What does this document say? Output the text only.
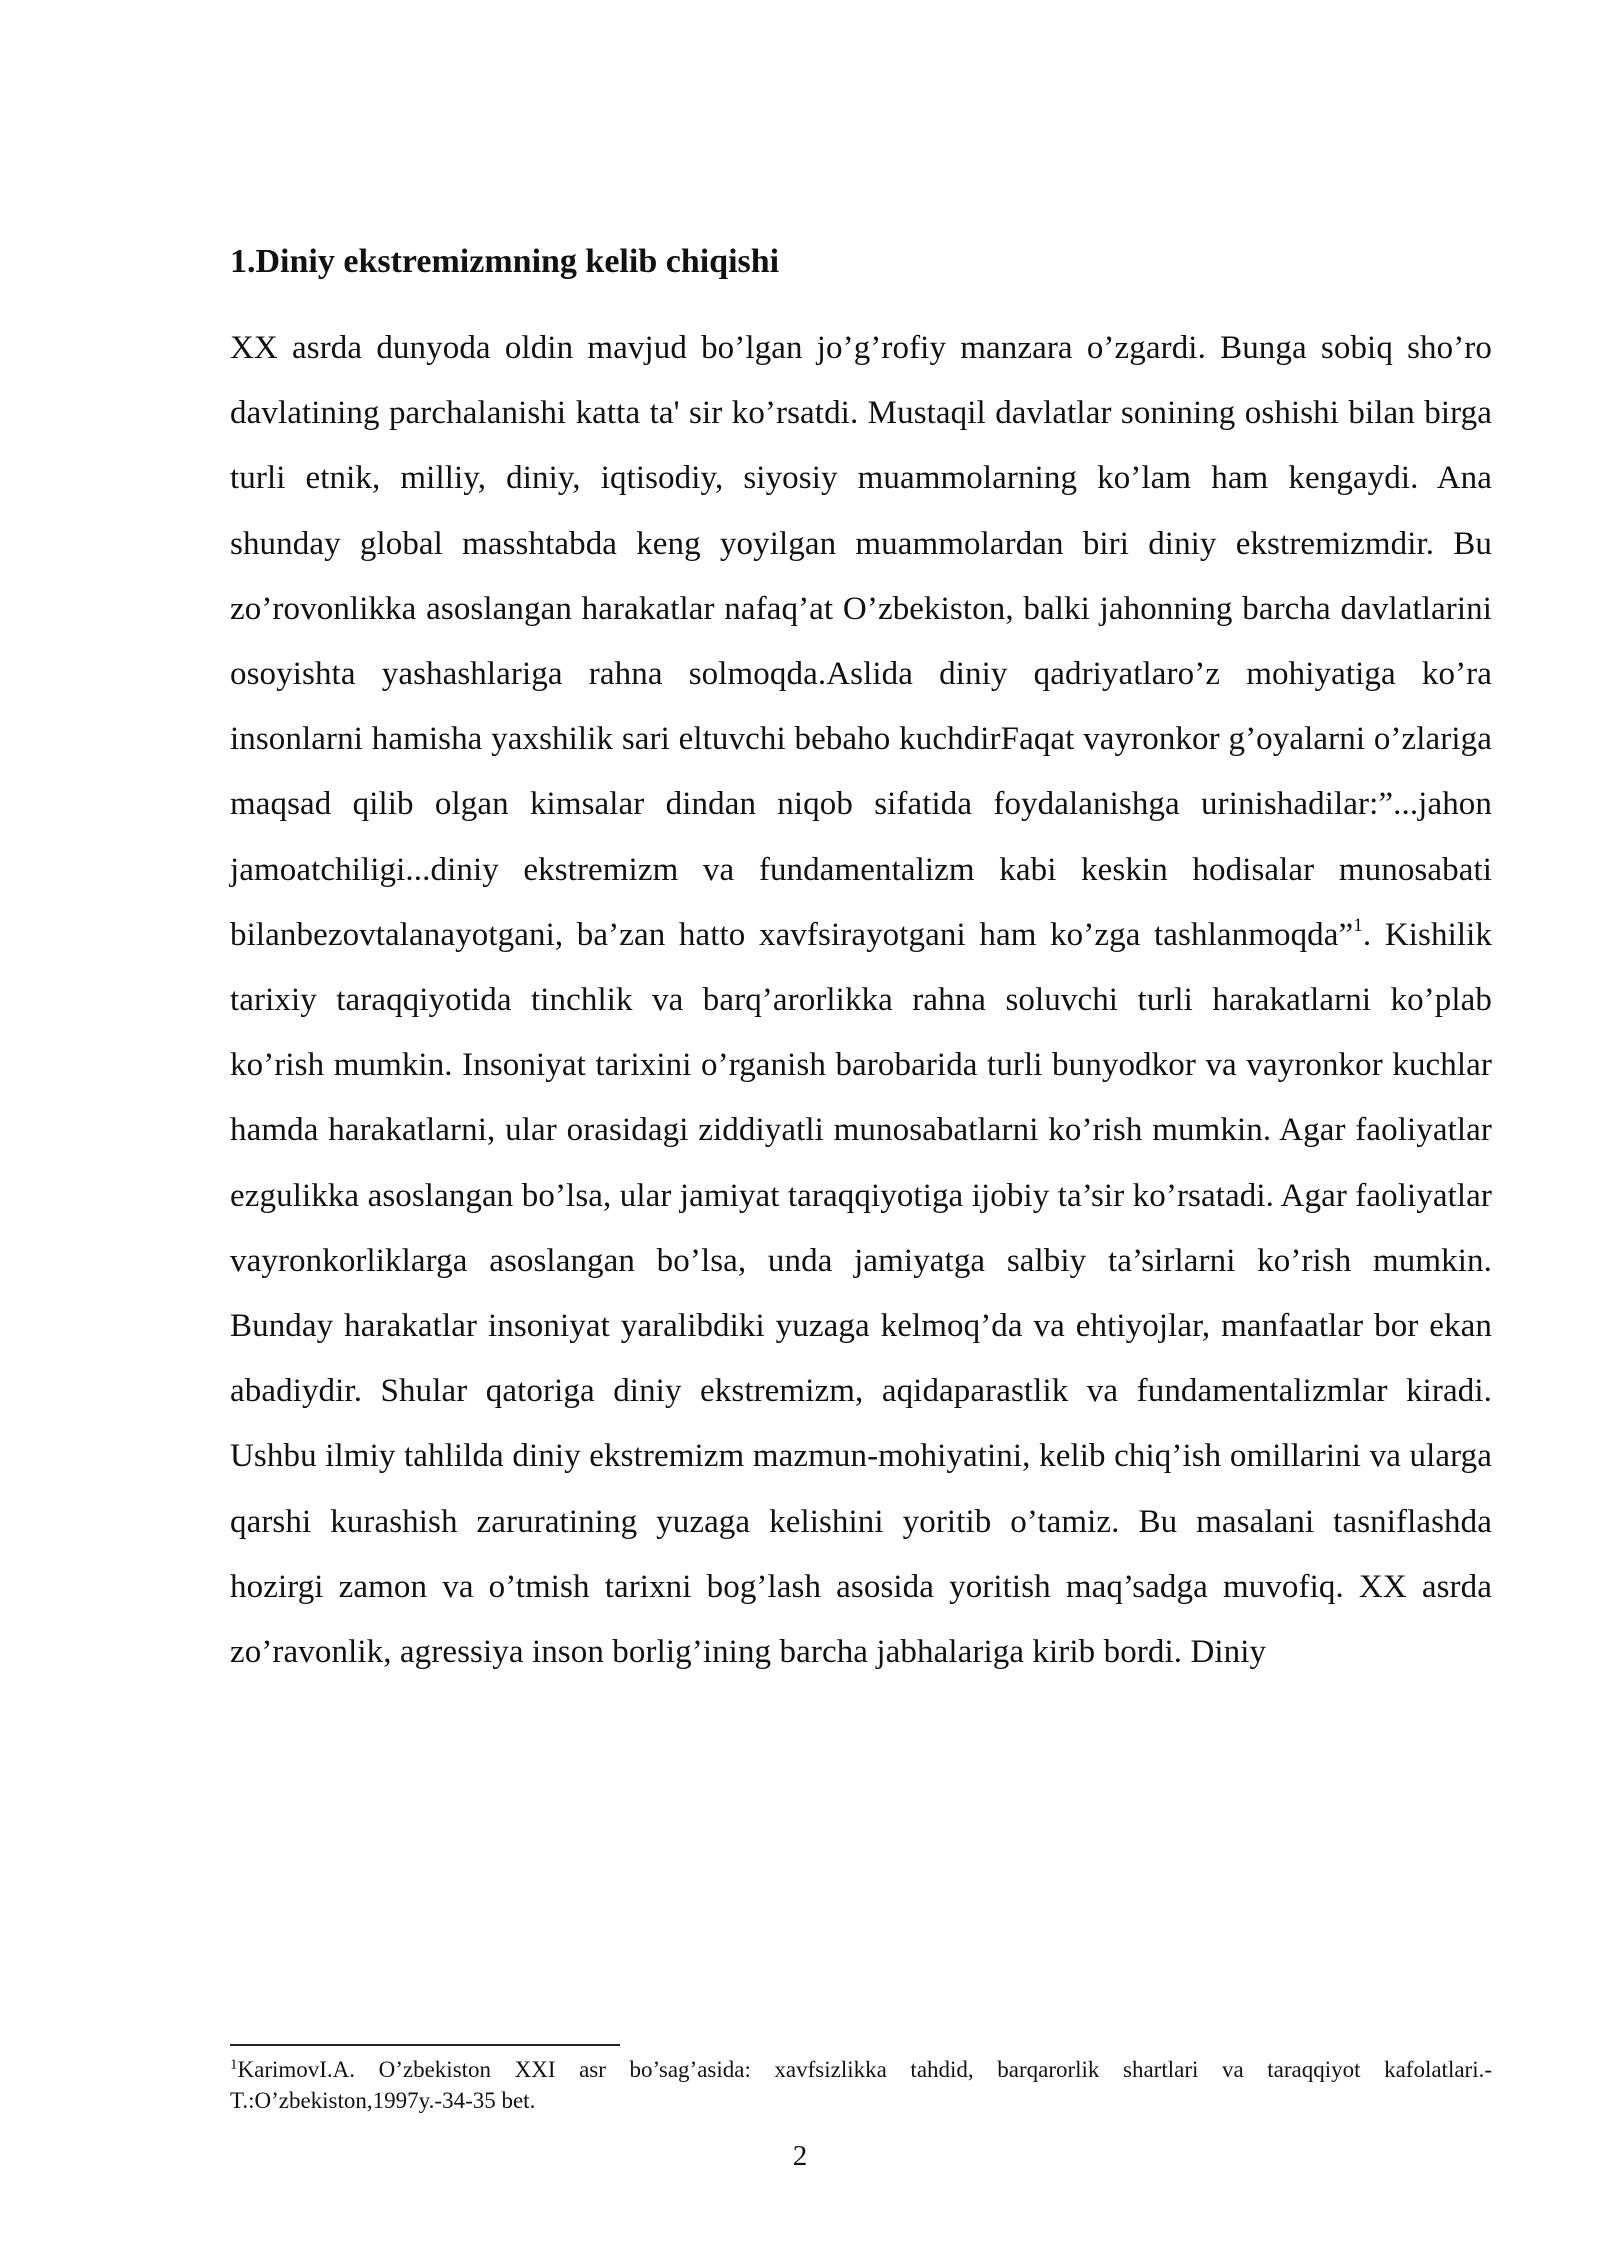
1.Diniy ekstremizmning kelib chiqishi

XX asrda dunyoda oldin mavjud bo’lgan jo’g’rofiy manzara o’zgardi. Bunga sobiq sho’ro davlatining parchalanishi katta ta' sir ko’rsatdi. Mustaqil davlatlar sonining oshishi bilan birga turli etnik, milliy, diniy, iqtisodiy, siyosiy muammolarning ko’lam ham kengaydi. Ana shunday global masshtabda keng yoyilgan muammolardan biri diniy ekstremizmdir. Bu zo’rovonlikka asoslangan harakatlar nafaq’at O’zbekiston, balki jahonning barcha davlatlarini osoyishta yashashlariga rahna solmoqda.Aslida diniy qadriyatlaro’z mohiyatiga ko’ra insonlarni hamisha yaxshilik sari eltuvchi bebaho kuchdirFaqat vayronkor g’oyalarni o’zlariga maqsad qilib olgan kimsalar dindan niqob sifatida foydalanishga urinishadilar:”...jahon jamoatchiligi...diniy ekstremizm va fundamentalizm kabi keskin hodisalar munosabati bilanbezovtalanayotgani, ba’zan hatto xavfsirayotgani ham ko’zga tashlanmoqda”$^1$. Kishilik tarixiy taraqqiyotida tinchlik va barq’arorlikka rahna soluvchi turli harakatlarni ko’plab ko’rish mumkin. Insoniyat tarixini o’rganish barobarida turli bunyodkor va vayronkor kuchlar hamda harakatlarni, ular orasidagi ziddiyatli munosabatlarni ko’rish mumkin. Agar faoliyatlar ezgulikka asoslangan bo’lsa, ular jamiyat taraqqiyotiga ijobiy ta’sir ko’rsatadi. Agar faoliyatlar vayronkorliklarga asoslangan bo’lsa, unda jamiyatga salbiy ta’sirlarni ko’rish mumkin. Bunday harakatlar insoniyat yaralibdiki yuzaga kelmoq’da va ehtiyojlar, manfaatlar bor ekan abadiydir. Shular qatoriga diniy ekstremizm, aqidaparastlik va fundamentalizmlar kiradi. Ushbu ilmiy tahlilda diniy ekstremizm mazmun-mohiyatini, kelib chiq’ish omillarini va ularga qarshi kurashish zaruratining yuzaga kelishini yoritib o’tamiz. Bu masalani tasniflashda hozirgi zamon va o’tmish tarixni bog’lash asosida yoritish maq’sadga muvofiq. XX asrda zo’ravonlik, agressiya inson borlig’ining barcha jabhalariga kirib bordi. Diniy

$^1$KarimovI.A. O’zbekiston XXI asr bo’sag’asida: xavfsizlikka tahdid, barqarorlik shartlari va taraqqiyot kafolatlari.-T.:O’zbekiston,1997y.-34-35 bet.
2
